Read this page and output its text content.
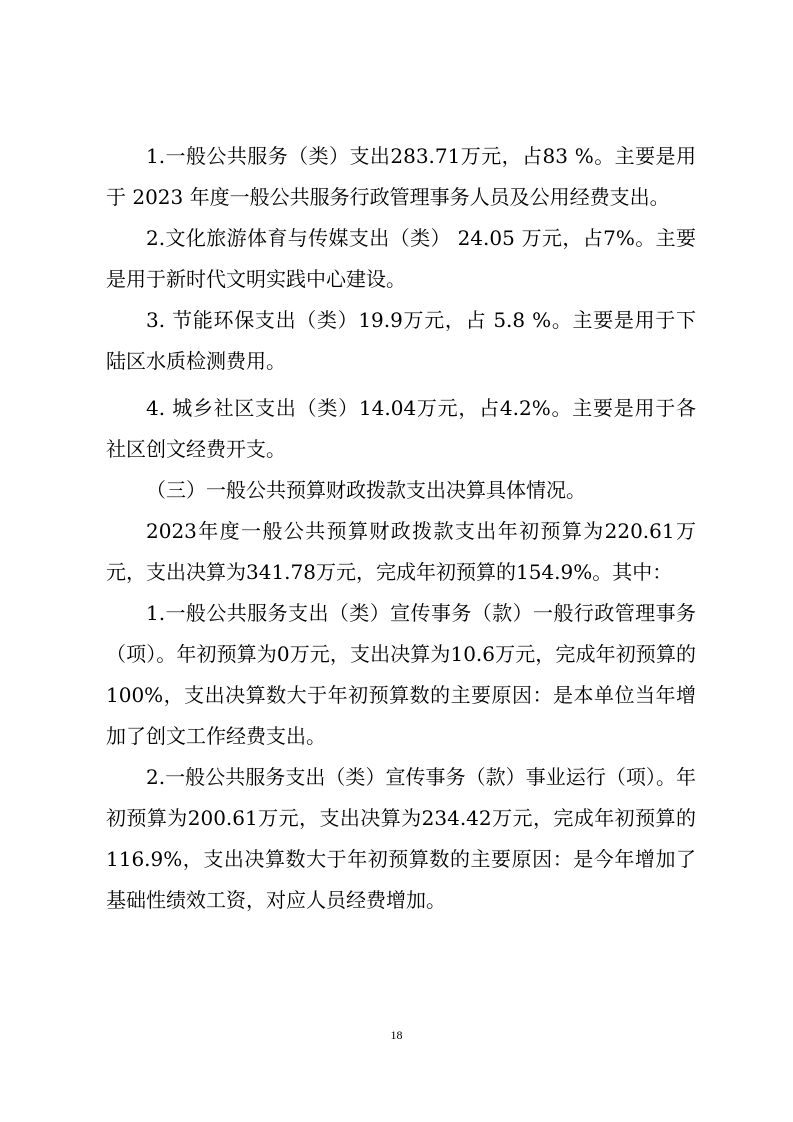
1.一般公共服务（类）支出283.71万元，占83 %。主要是用于 2023 年度一般公共服务行政管理事务人员及公用经费支出。

2.文化旅游体育与传媒支出（类） 24.05 万元，占7%。主要是用于新时代文明实践中心建设。

3. 节能环保支出（类）19.9万元，占 5.8 %。主要是用于下陆区水质检测费用。

4. 城乡社区支出（类）14.04万元，占4.2%。主要是用于各社区创文经费开支。

（三）一般公共预算财政拨款支出决算具体情况。

2023年度一般公共预算财政拨款支出年初预算为220.61万元，支出决算为341.78万元，完成年初预算的154.9%。其中：

1.一般公共服务支出（类）宣传事务（款）一般行政管理事务（项）。年初预算为0万元，支出决算为10.6万元，完成年初预算的100%，支出决算数大于年初预算数的主要原因：是本单位当年增加了创文工作经费支出。

2.一般公共服务支出（类）宣传事务（款）事业运行（项）。年初预算为200.61万元，支出决算为234.42万元，完成年初预算的116.9%，支出决算数大于年初预算数的主要原因：是今年增加了基础性绩效工资，对应人员经费增加。

18
